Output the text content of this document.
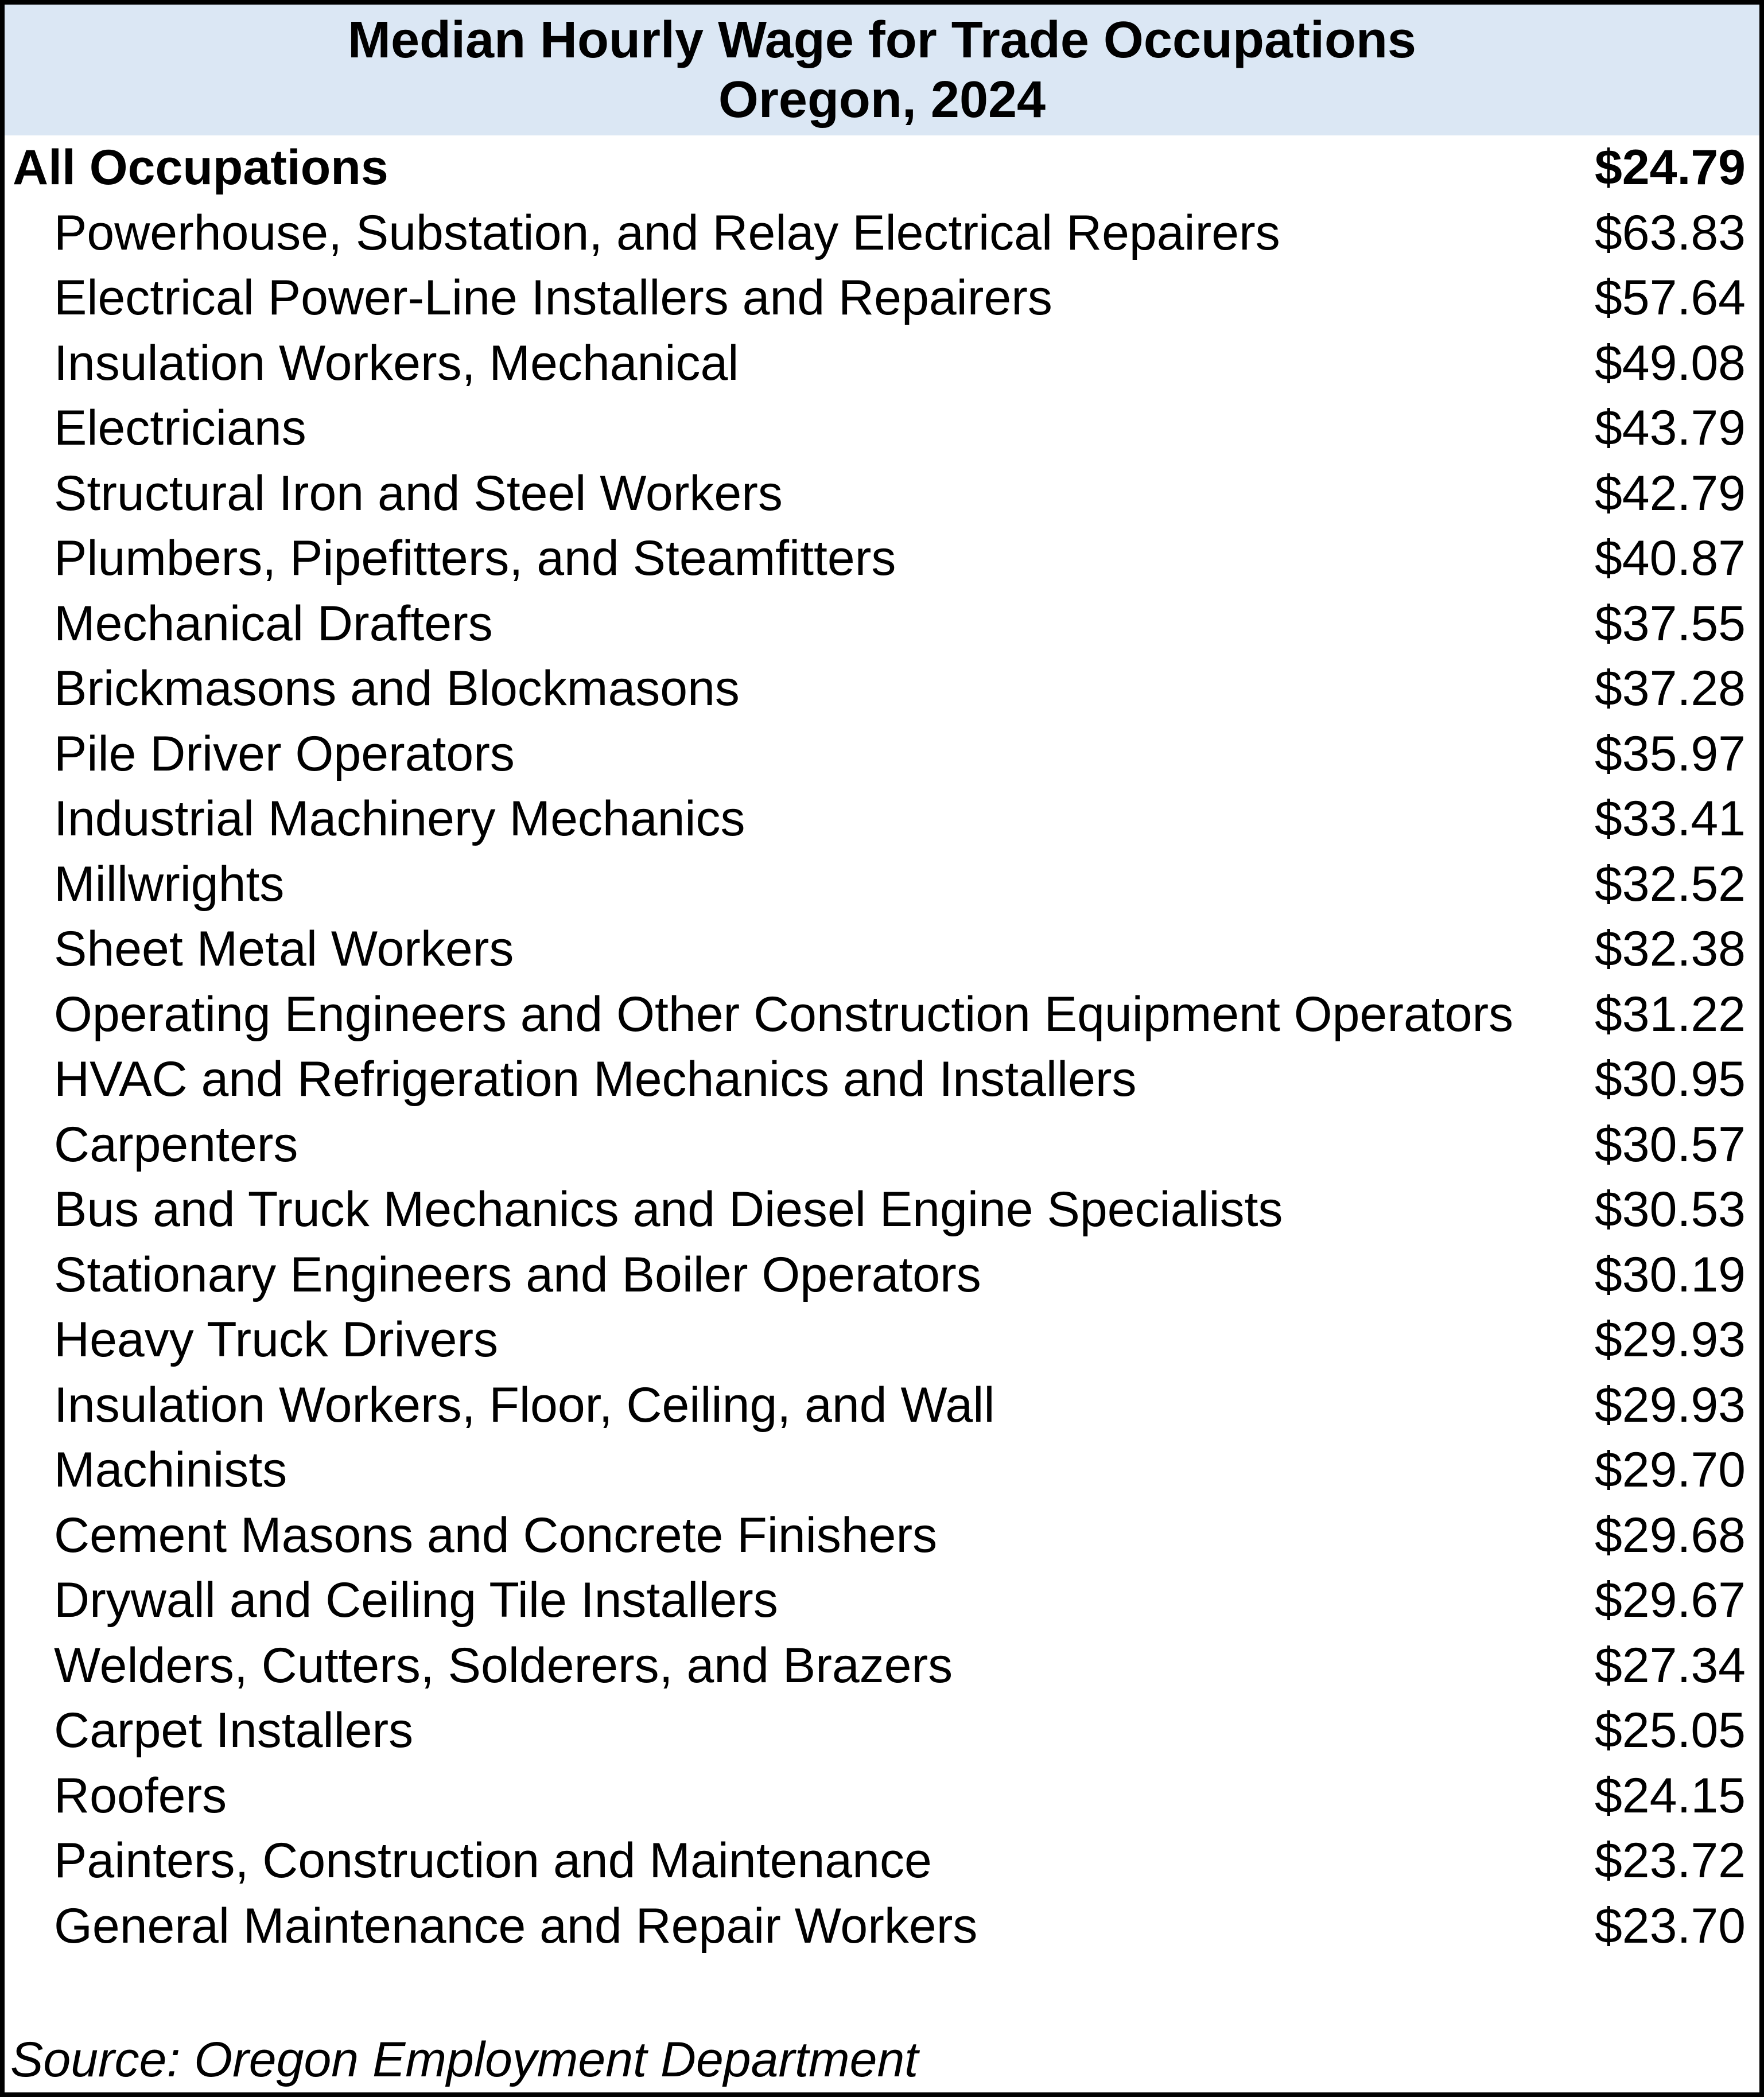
Median Hourly Wage for Trade Occupations
Oregon, 2024
All Occupations	$24.79
Powerhouse, Substation, and Relay Electrical Repairers	$63.83
Electrical Power-Line Installers and Repairers	$57.64
Insulation Workers, Mechanical	$49.08
Electricians	$43.79
Structural Iron and Steel Workers	$42.79
Plumbers, Pipefitters, and Steamfitters	$40.87
Mechanical Drafters	$37.55
Brickmasons and Blockmasons	$37.28
Pile Driver Operators	$35.97
Industrial Machinery Mechanics	$33.41
Millwrights	$32.52
Sheet Metal Workers	$32.38
Operating Engineers and Other Construction Equipment Operators $31.22
HVAC and Refrigeration Mechanics and Installers	$30.95
Carpenters	$30.57
Bus and Truck Mechanics and Diesel Engine Specialists	$30.53
Stationary Engineers and Boiler Operators	$30.19
Heavy Truck Drivers	$29.93
Insulation Workers, Floor, Ceiling, and Wall	$29.93
Machinists	$29.70
Cement Masons and Concrete Finishers	$29.68
Drywall and Ceiling Tile Installers	$29.67
Welders, Cutters, Solderers, and Brazers	$27.34
Carpet Installers	$25.05
Roofers	$24.15
Painters, Construction and Maintenance	$23.72
General Maintenance and Repair Workers	$23.70
Source: Oregon Employment Department
